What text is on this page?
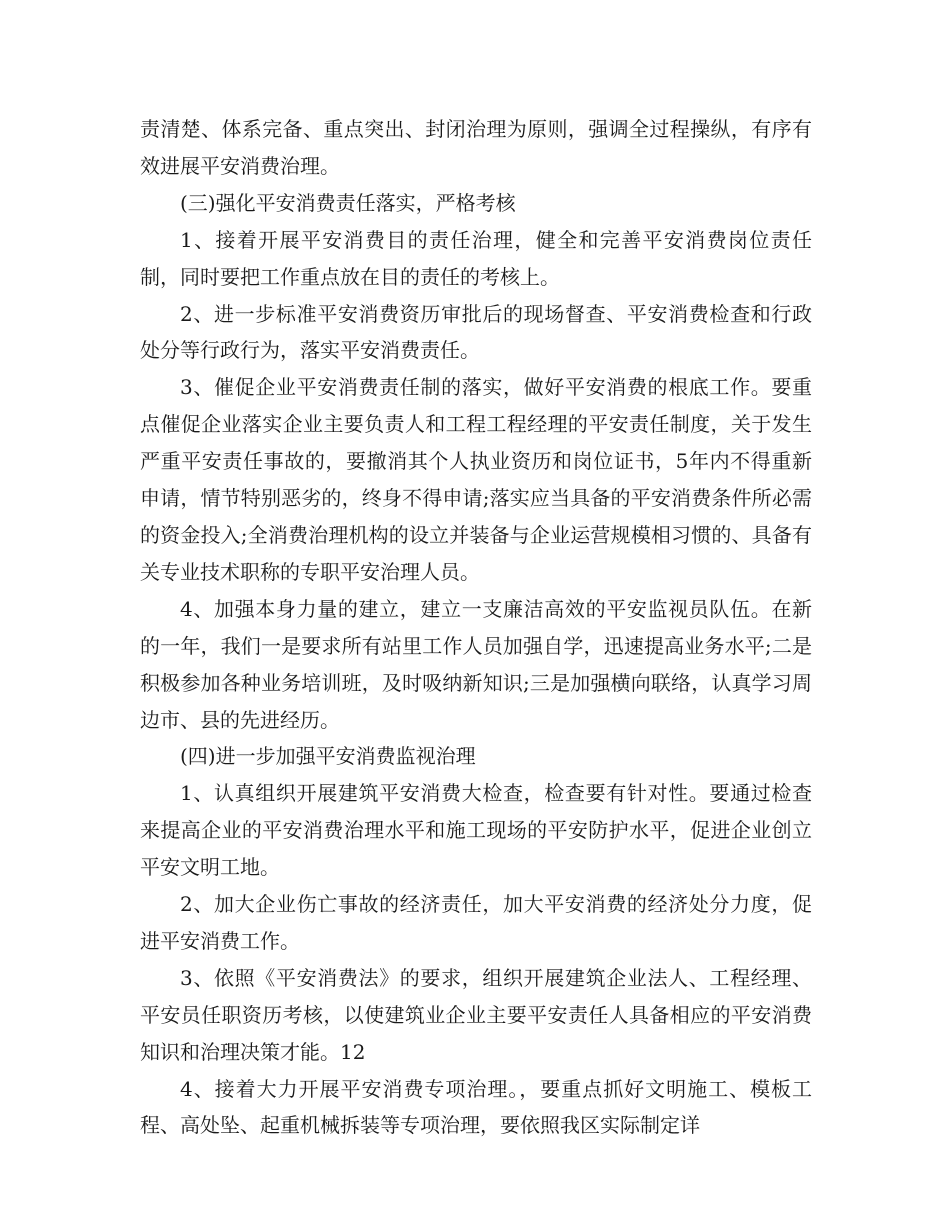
责清楚、体系完备、重点突出、封闭治理为原则，强调全过程操纵，有序有效进展平安消费治理。

(三)强化平安消费责任落实，严格考核

1、接着开展平安消费目的责任治理，健全和完善平安消费岗位责任制，同时要把工作重点放在目的责任的考核上。

2、进一步标准平安消费资历审批后的现场督查、平安消费检查和行政处分等行政行为，落实平安消费责任。

3、催促企业平安消费责任制的落实，做好平安消费的根底工作。要重点催促企业落实企业主要负责人和工程工程经理的平安责任制度，关于发生严重平安责任事故的，要撤消其个人执业资历和岗位证书，5年内不得重新申请，情节特别恶劣的，终身不得申请;落实应当具备的平安消费条件所必需的资金投入;全消费治理机构的设立并装备与企业运营规模相习惯的、具备有关专业技术职称的专职平安治理人员。

4、加强本身力量的建立，建立一支廉洁高效的平安监视员队伍。在新的一年，我们一是要求所有站里工作人员加强自学，迅速提高业务水平;二是积极参加各种业务培训班，及时吸纳新知识;三是加强横向联络，认真学习周边市、县的先进经历。

(四)进一步加强平安消费监视治理

1、认真组织开展建筑平安消费大检查，检查要有针对性。要通过检查来提高企业的平安消费治理水平和施工现场的平安防护水平，促进企业创立平安文明工地。

2、加大企业伤亡事故的经济责任，加大平安消费的经济处分力度，促进平安消费工作。

3、依照《平安消费法》的要求，组织开展建筑企业法人、工程经理、平安员任职资历考核，以使建筑业企业主要平安责任人具备相应的平安消费知识和治理决策才能。12

4、接着大力开展平安消费专项治理。，要重点抓好文明施工、模板工程、高处坠、起重机械拆装等专项治理，要依照我区实际制定详
